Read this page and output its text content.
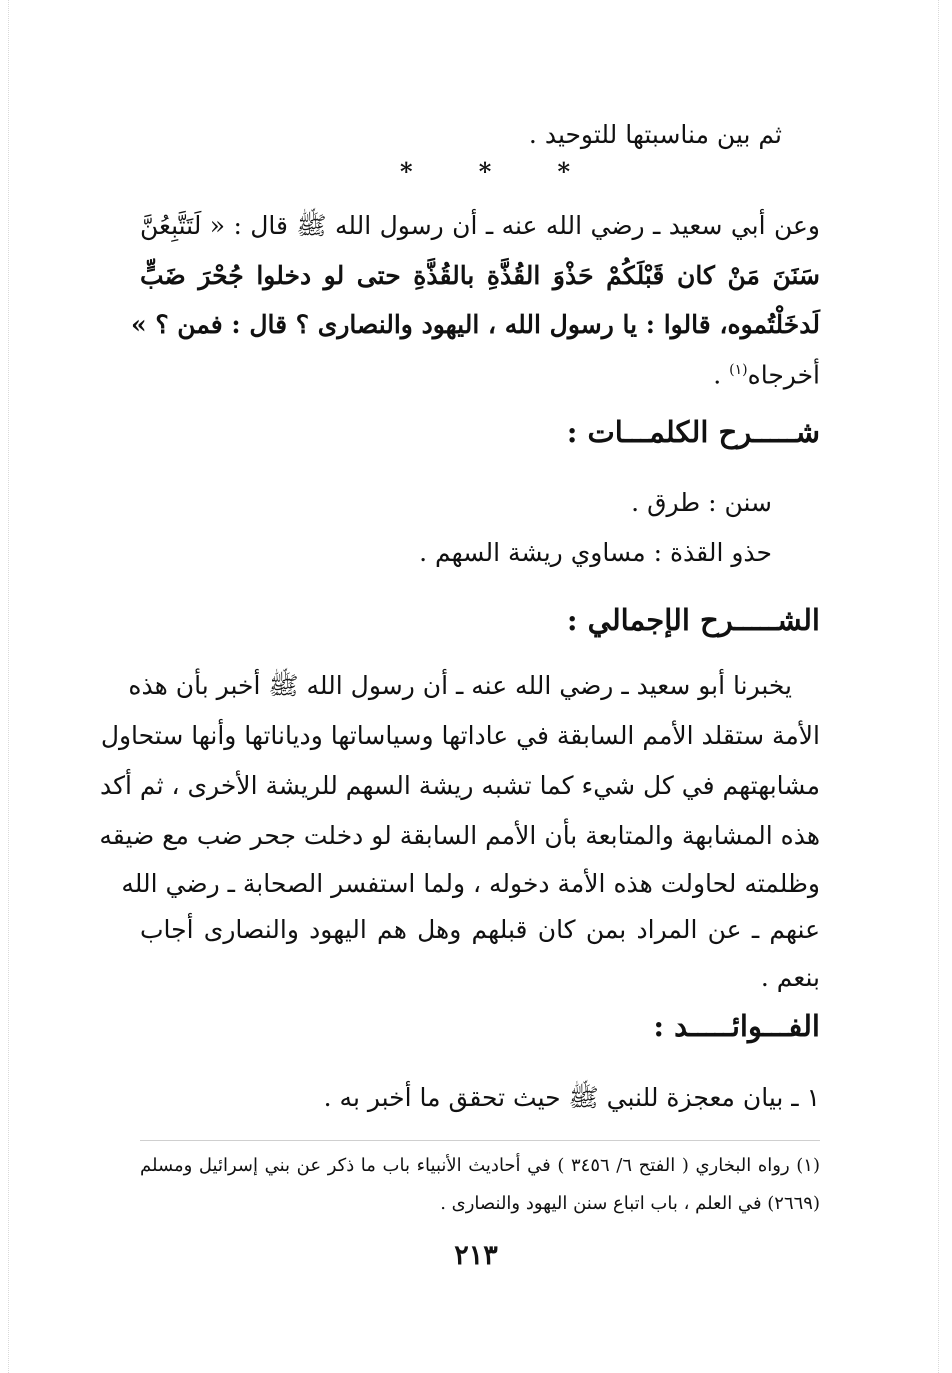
ثم بين مناسبتها للتوحيد .
*	*	*
وعن أبي سعيد ـ رضي الله عنه ـ أن رسول الله ﷺ قال : « لَتَتَّبِعُنَّ
سَنَنَ مَنْ كان قَبْلَكُمْ حَذْوَ القُذَّةِ بالقُذَّةِ حتى لو دخلوا جُحْرَ ضَبٍّ
لَدخَلْتُموه، قالوا : يا رسول الله ، اليهود والنصارى ؟ قال : فمن ؟ »
أخرجاه$^{(١)}$ .
شـــــرح الكلمـــات :
سنن : طرق .
حذو القذة : مساوي ريشة السهم .
الشـــــرح الإجمالي :
يخبرنا أبو سعيد ـ رضي الله عنه ـ أن رسول الله ﷺ أخبر بأن هذه
الأمة ستقلد الأمم السابقة في عاداتها وسياساتها ودياناتها وأنها ستحاول
مشابهتهم في كل شيء كما تشبه ريشة السهم للريشة الأخرى ، ثم أكد
هذه المشابهة والمتابعة بأن الأمم السابقة لو دخلت جحر ضب مع ضيقه
وظلمته لحاولت هذه الأمة دخوله ، ولما استفسر الصحابة ـ رضي الله
عنهم ـ عن المراد بمن كان قبلهم وهل هم اليهود والنصارى أجاب
بنعم .
الفـــوائـــــد :
١ ـ بيان معجزة للنبي ﷺ حيث تحقق ما أخبر به .
(١) رواه البخاري ( الفتح ٦/ ٣٤٥٦ ) في أحاديث الأنبياء باب ما ذكر عن بني إسرائيل ومسلم
(٢٦٦٩) في العلم ، باب اتباع سنن اليهود والنصارى .
٢١٣
